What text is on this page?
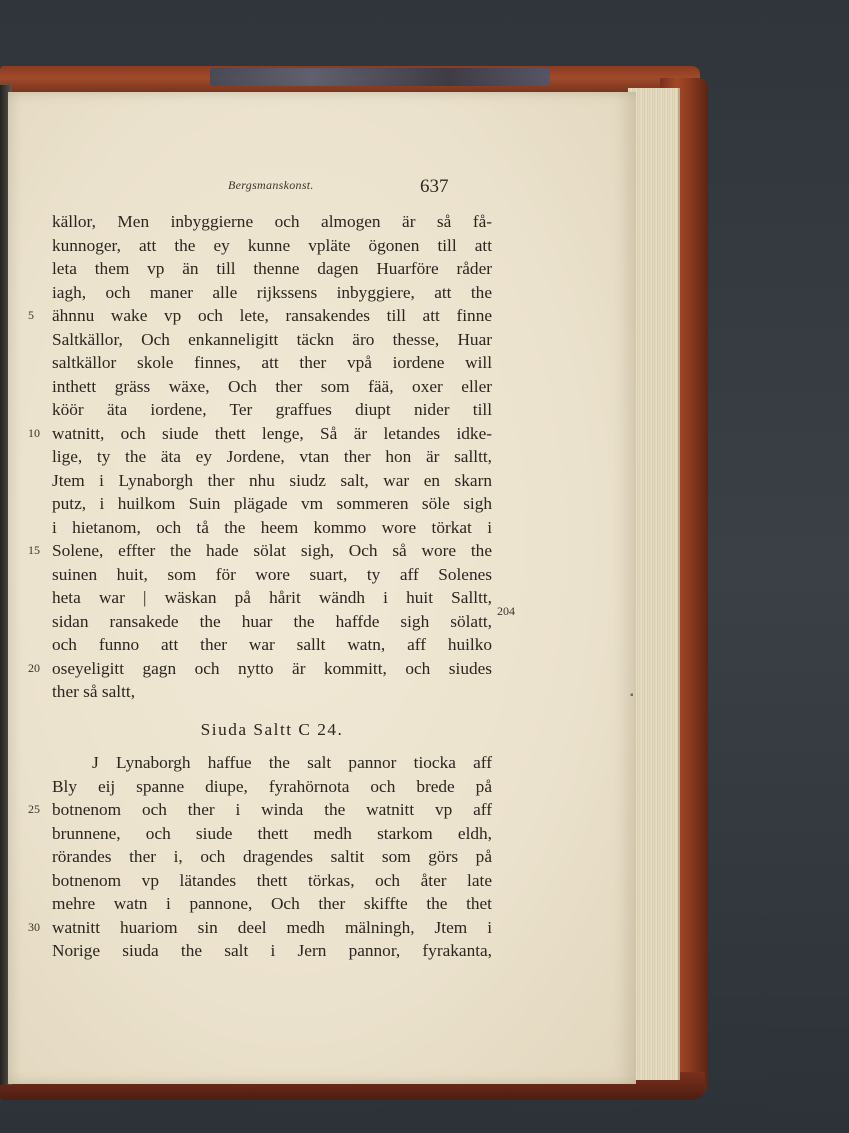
Bergsmanskonst.	637
204
▪
källor, Men inbyggierne och almogen är så få-
kunnoger, att the ey kunne vpläte ögonen till att
leta them vp än till thenne dagen Huarföre råder
iagh, och maner alle rijkssens inbyggiere, att the
5	ähnnu wake vp och lete, ransakendes till att finne
Saltkällor, Och enkanneligitt täckn äro thesse, Huar
saltkällor skole finnes, att ther vpå iordene will
inthett gräss wäxe, Och ther som fää, oxer eller
köör äta iordene, Ter graffues diupt nider till
10 watnitt, och siude thett lenge, Så är letandes idke-
lige, ty the äta ey Jordene, vtan ther hon är salltt,
Jtem i Lynaborgh ther nhu siudz salt, war en skarn
putz, i huilkom Suin plägade vm sommeren söle sigh
i hietanom, och tå the heem kommo wore törkat i
15 Solene, effter the hade sölat sigh, Och så wore the
suinen huit, som för wore suart, ty aff Solenes
heta war | wäskan på hårit wändh i huit Salltt,
sidan ransakede the huar the haffde sigh sölatt,
och funno att ther war sallt watn, aff huilko
20 oseyeligitt gagn och nytto är kommitt, och siudes
ther så saltt,
Siuda Saltt C 24.
J Lynaborgh haffue the salt pannor tiocka aff
Bly eij spanne diupe, fyrahörnota och brede på
25 botnenom och ther i winda the watnitt vp aff
brunnene, och siude thett medh starkom eldh,
rörandes ther i, och dragendes saltit som görs på
botnenom vp lätandes thett törkas, och åter late
mehre watn i pannone, Och ther skiffte the thet
30 watnitt huariom sin deel medh mälningh, Jtem i
Norige siuda the salt i Jern pannor, fyrakanta,
